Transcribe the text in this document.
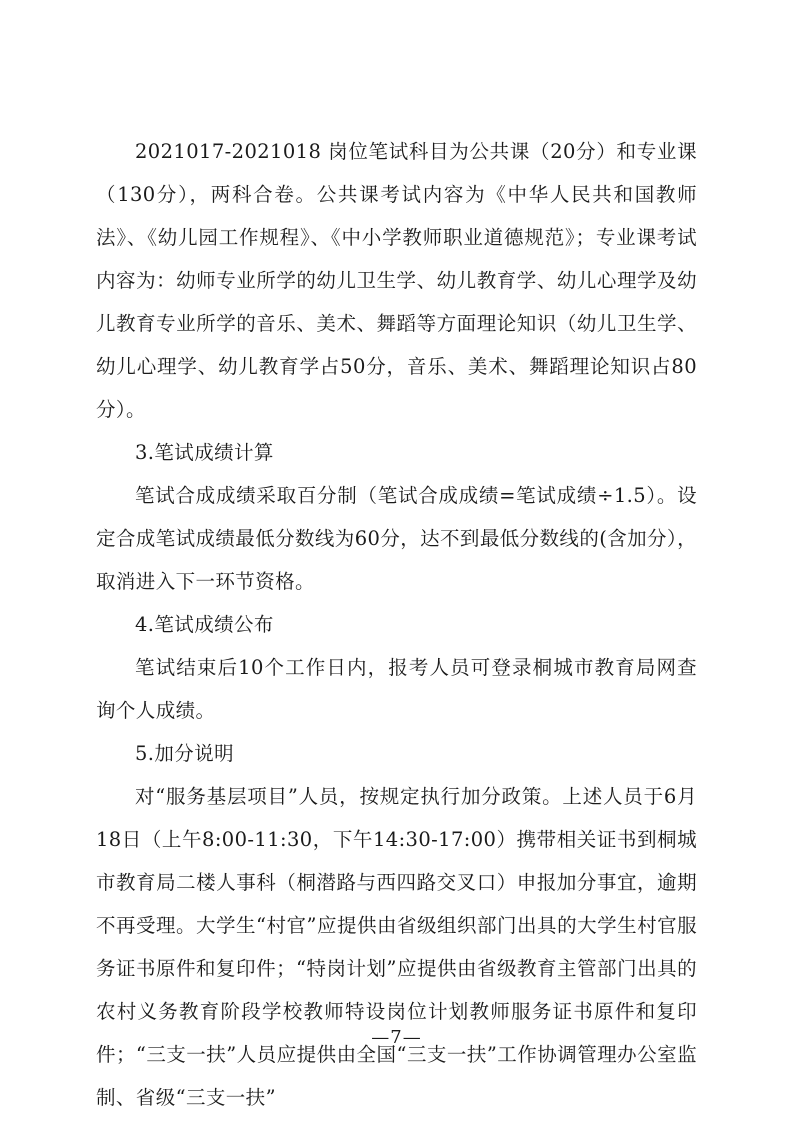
2021017-2021018 岗位笔试科目为公共课（20分）和专业课（130分），两科合卷。公共课考试内容为《中华人民共和国教师法》、《幼儿园工作规程》、《中小学教师职业道德规范》；专业课考试内容为：幼师专业所学的幼儿卫生学、幼儿教育学、幼儿心理学及幼儿教育专业所学的音乐、美术、舞蹈等方面理论知识（幼儿卫生学、幼儿心理学、幼儿教育学占50分，音乐、美术、舞蹈理论知识占80分）。

3.笔试成绩计算

笔试合成成绩采取百分制（笔试合成成绩=笔试成绩÷1.5）。设定合成笔试成绩最低分数线为60分，达不到最低分数线的(含加分），取消进入下一环节资格。

4.笔试成绩公布

笔试结束后10个工作日内，报考人员可登录桐城市教育局网查询个人成绩。

5.加分说明

对“服务基层项目”人员，按规定执行加分政策。上述人员于6月18日（上午8:00-11:30，下午14:30-17:00）携带相关证书到桐城市教育局二楼人事科（桐潜路与西四路交叉口）申报加分事宜，逾期不再受理。大学生“村官”应提供由省级组织部门出具的大学生村官服务证书原件和复印件；“特岗计划”应提供由省级教育主管部门出具的农村义务教育阶段学校教师特设岗位计划教师服务证书原件和复印件；“三支一扶”人员应提供由全国“三支一扶”工作协调管理办公室监制、省级“三支一扶”

—7—
